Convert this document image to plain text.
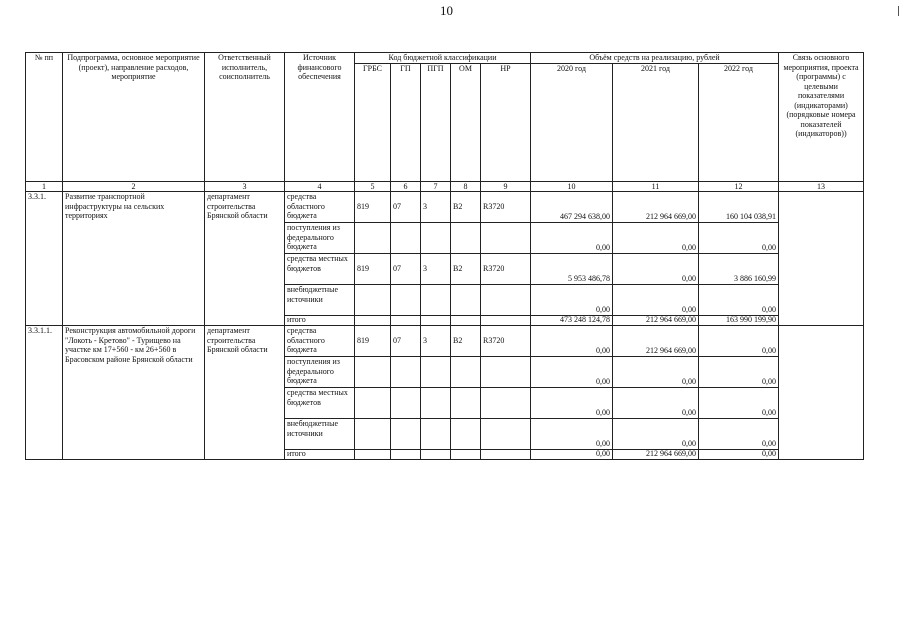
10
№ пп	Подпрограмма, основное мероприятие (проект), направление расходов, мероприятие	Ответственный исполнитель, соисполнитель	Источник финансового обеспечения	Код бюджетной классификации					Объём средств на реализацию, рублей			Связь основного мероприятия, проекта (программы) с целевыми показателями (индикаторами) (порядковые номера показателей (индикаторов))
				ГРБС	ГП	ПГП	ОМ	НР	2020 год	2021 год	2022 год	
1	2	3	4	5	6	7	8	9	10	11	12	13
3.3.1.	Развитие транспортной инфраструктуры на сельских территориях	департамент строительства Брянской области	средства областного бюджета	819	07	3	В2	R3720	467 294 638,00	212 964 669,00	160 104 038,91	
			поступления из федерального бюджета						0,00	0,00	0,00	
			средства местных бюджетов	819	07	3	В2	R3720	5 953 486,78	0,00	3 886 160,99	
			внебюджетные источники						0,00	0,00	0,00	
			итого						473 248 124,78	212 964 669,00	163 990 199,90	
3.3.1.1.	Реконструкция автомобильной дороги "Локоть - Кретово" - Турищево на участке км 17+560 - км 26+560 в Брасовском районе Брянской области	департамент строительства Брянской области	средства областного бюджета	819	07	3	В2	R3720	0,00	212 964 669,00	0,00	
			поступления из федерального бюджета						0,00	0,00	0,00	
			средства местных бюджетов						0,00	0,00	0,00	
			внебюджетные источники						0,00	0,00	0,00	
			итого						0,00	212 964 669,00	0,00	
